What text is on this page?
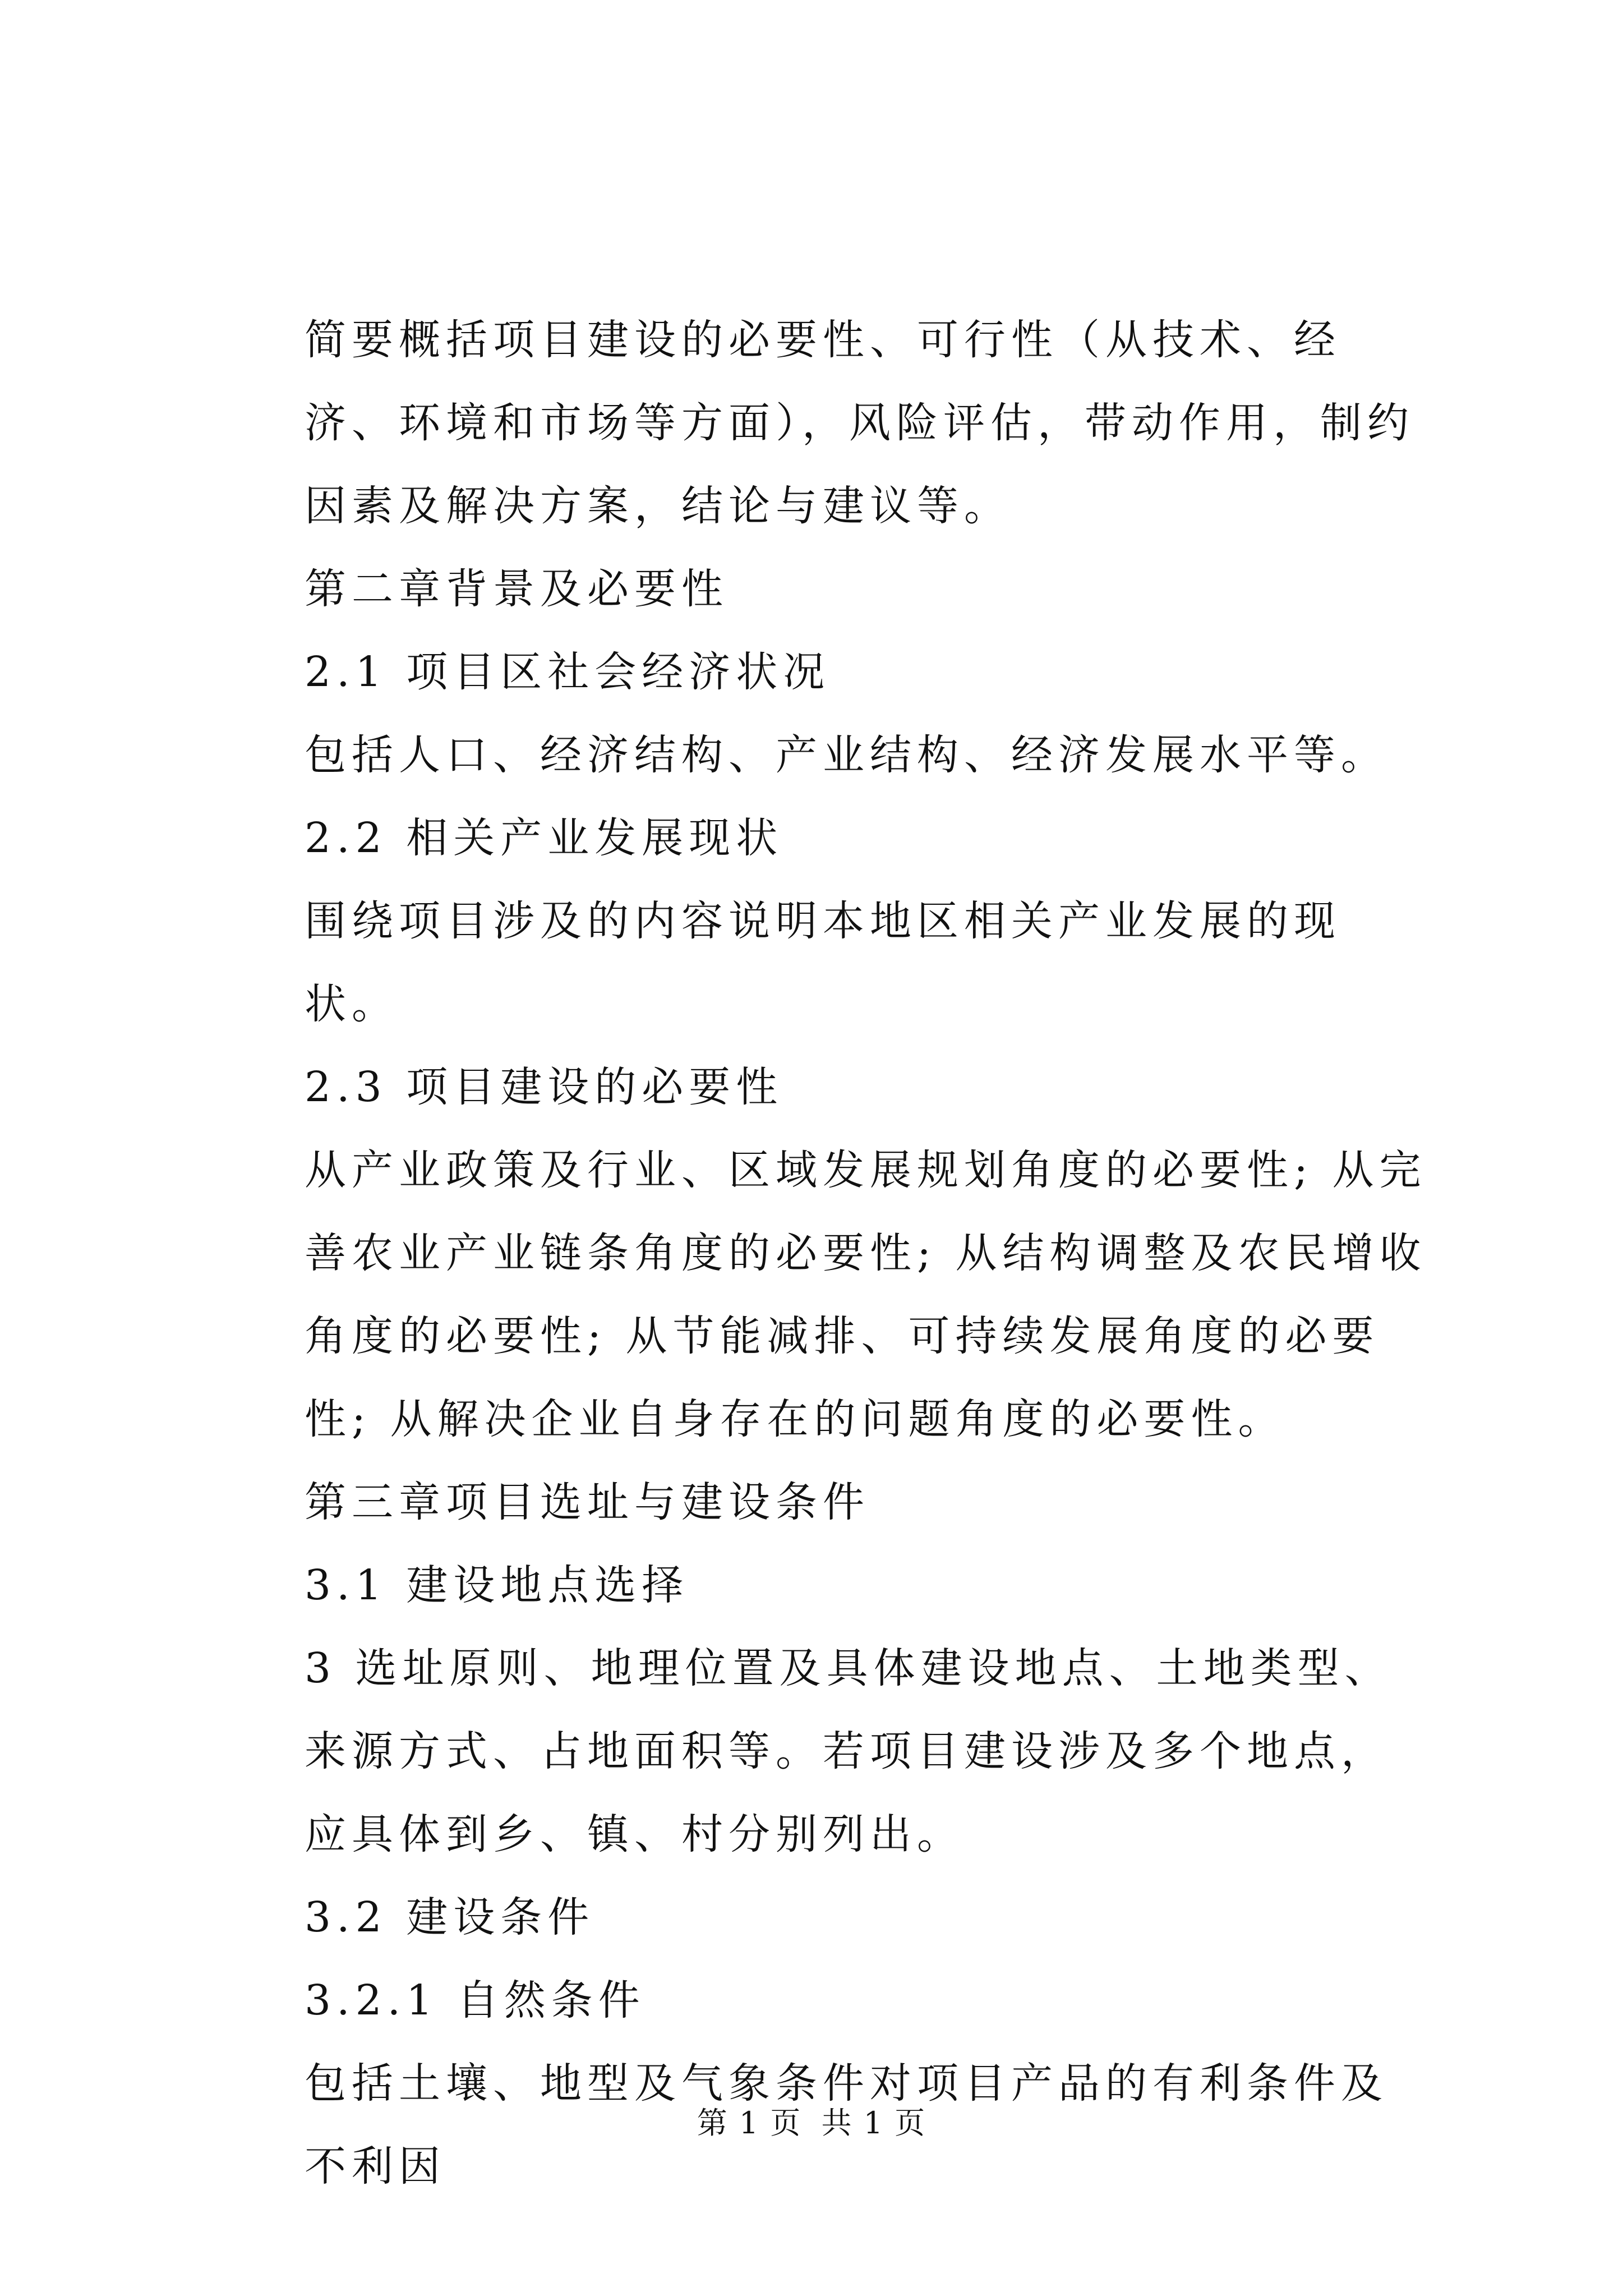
简要概括项目建设的必要性、可行性（从技术、经济、环境和市场等方面），风险评估，带动作用，制约因素及解决方案，结论与建议等。

第二章背景及必要性

2.1 项目区社会经济状况

包括人口、经济结构、产业结构、经济发展水平等。

2.2 相关产业发展现状

围绕项目涉及的内容说明本地区相关产业发展的现状。

2.3 项目建设的必要性

从产业政策及行业、区域发展规划角度的必要性; 从完善农业产业链条角度的必要性; 从结构调整及农民增收角度的必要性; 从节能减排、可持续发展角度的必要性; 从解决企业自身存在的问题角度的必要性。

第三章项目选址与建设条件

3.1 建设地点选择

3 选址原则、地理位置及具体建设地点、土地类型、来源方式、占地面积等。若项目建设涉及多个地点，应具体到乡、镇、村分别列出。

3.2 建设条件

3.2.1 自然条件

包括土壤、地型及气象条件对项目产品的有利条件及不利因

第 1 页 共 1 页
